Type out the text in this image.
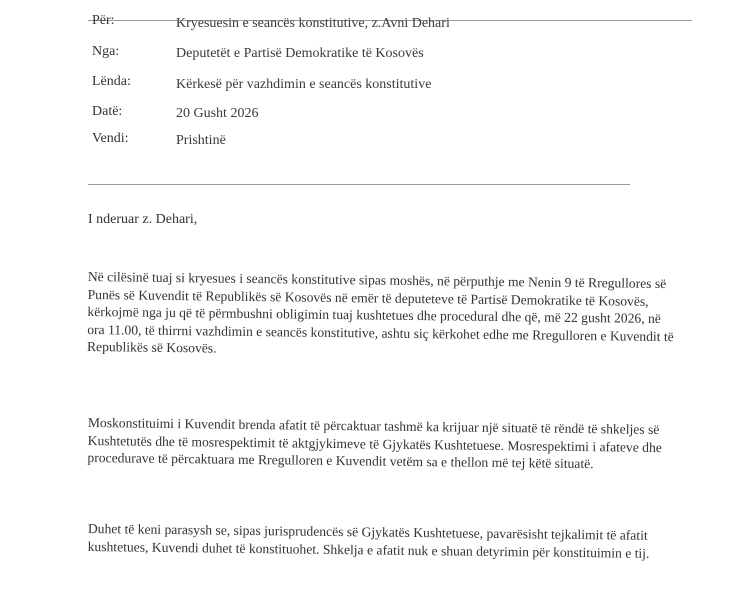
Për:	Kryesuesin e seancës konstitutive, z.Avni Dehari
Nga:	Deputetët e Partisë Demokratike të Kosovës
Lënda:	Kërkesë për vazhdimin e seancës konstitutive
Datë:	20 Gusht 2026
Vendi:	Prishtinë
I nderuar z. Dehari,
Në cilësinë tuaj si kryesues i seancës konstitutive sipas moshës, në përputhje me Nenin 9 të Rregullores së Punës së Kuvendit të Republikës së Kosovës në emër të deputeteve të Partisë Demokratike të Kosovës, kërkojmë nga ju që të përmbushni obligimin tuaj kushtetues dhe procedural dhe që, më 22 gusht 2026, në ora 11.00, të thirrni vazhdimin e seancës konstitutive, ashtu siç kërkohet edhe me Rregulloren e Kuvendit të Republikës së Kosovës.
Moskonstituimi i Kuvendit brenda afatit të përcaktuar tashmë ka krijuar një situatë të rëndë të shkeljes së Kushtetutës dhe të mosrespektimit të aktgjykimeve të Gjykatës Kushtetuese. Mosrespektimi i afateve dhe procedurave të përcaktuara me Rregulloren e Kuvendit vetëm sa e thellon më tej këtë situatë.
Duhet të keni parasysh se, sipas jurisprudencës së Gjykatës Kushtetuese, pavarësisht tejkalimit të afatit kushtetues, Kuvendi duhet të konstituohet. Shkelja e afatit nuk e shuan detyrimin për konstituimin e tij.
